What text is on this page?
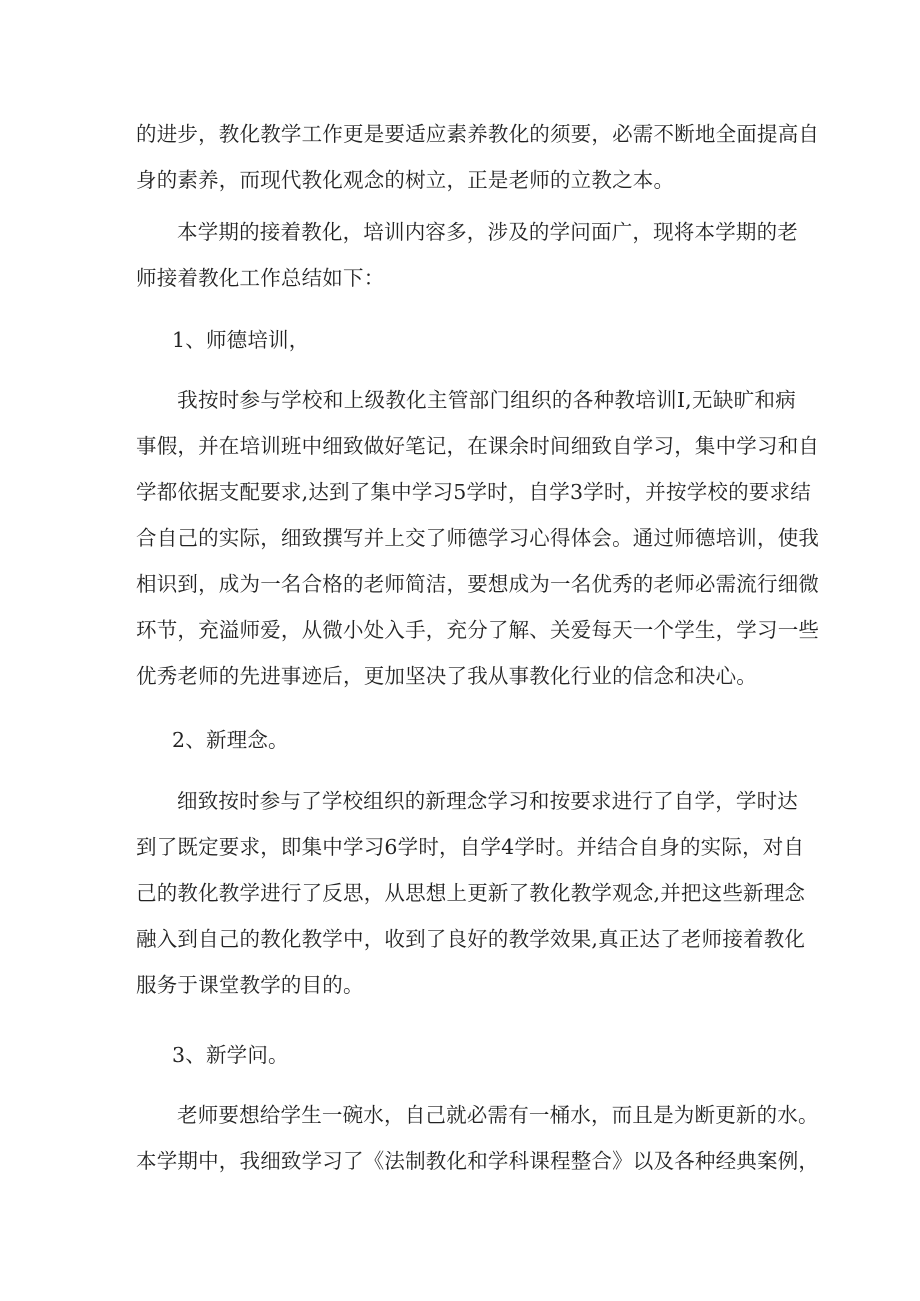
的进步，教化教学工作更是要适应素养教化的须要，必需不断地全面提高自
身的素养，而现代教化观念的树立，正是老师的立教之本。
本学期的接着教化，培训内容多，涉及的学问面广，现将本学期的老
师接着教化工作总结如下：
1、师德培训，
我按时参与学校和上级教化主管部门组织的各种教培训I,无缺旷和病
事假，并在培训班中细致做好笔记，在课余时间细致自学习，集中学习和自
学都依据支配要求,达到了集中学习5学时，自学3学时，并按学校的要求结
合自己的实际，细致撰写并上交了师德学习心得体会。通过师德培训，使我
相识到，成为一名合格的老师简洁，要想成为一名优秀的老师必需流行细微
环节，充溢师爱，从微小处入手，充分了解、关爱每天一个学生，学习一些
优秀老师的先进事迹后，更加坚决了我从事教化行业的信念和决心。
2、新理念。
细致按时参与了学校组织的新理念学习和按要求进行了自学，学时达
到了既定要求，即集中学习6学时，自学4学时。并结合自身的实际，对自
己的教化教学进行了反思，从思想上更新了教化教学观念,并把这些新理念
融入到自己的教化教学中，收到了良好的教学效果,真正达了老师接着教化
服务于课堂教学的目的。
3、新学问。
老师要想给学生一碗水，自己就必需有一桶水，而且是为断更新的水。
本学期中，我细致学习了《法制教化和学科课程整合》以及各种经典案例，
